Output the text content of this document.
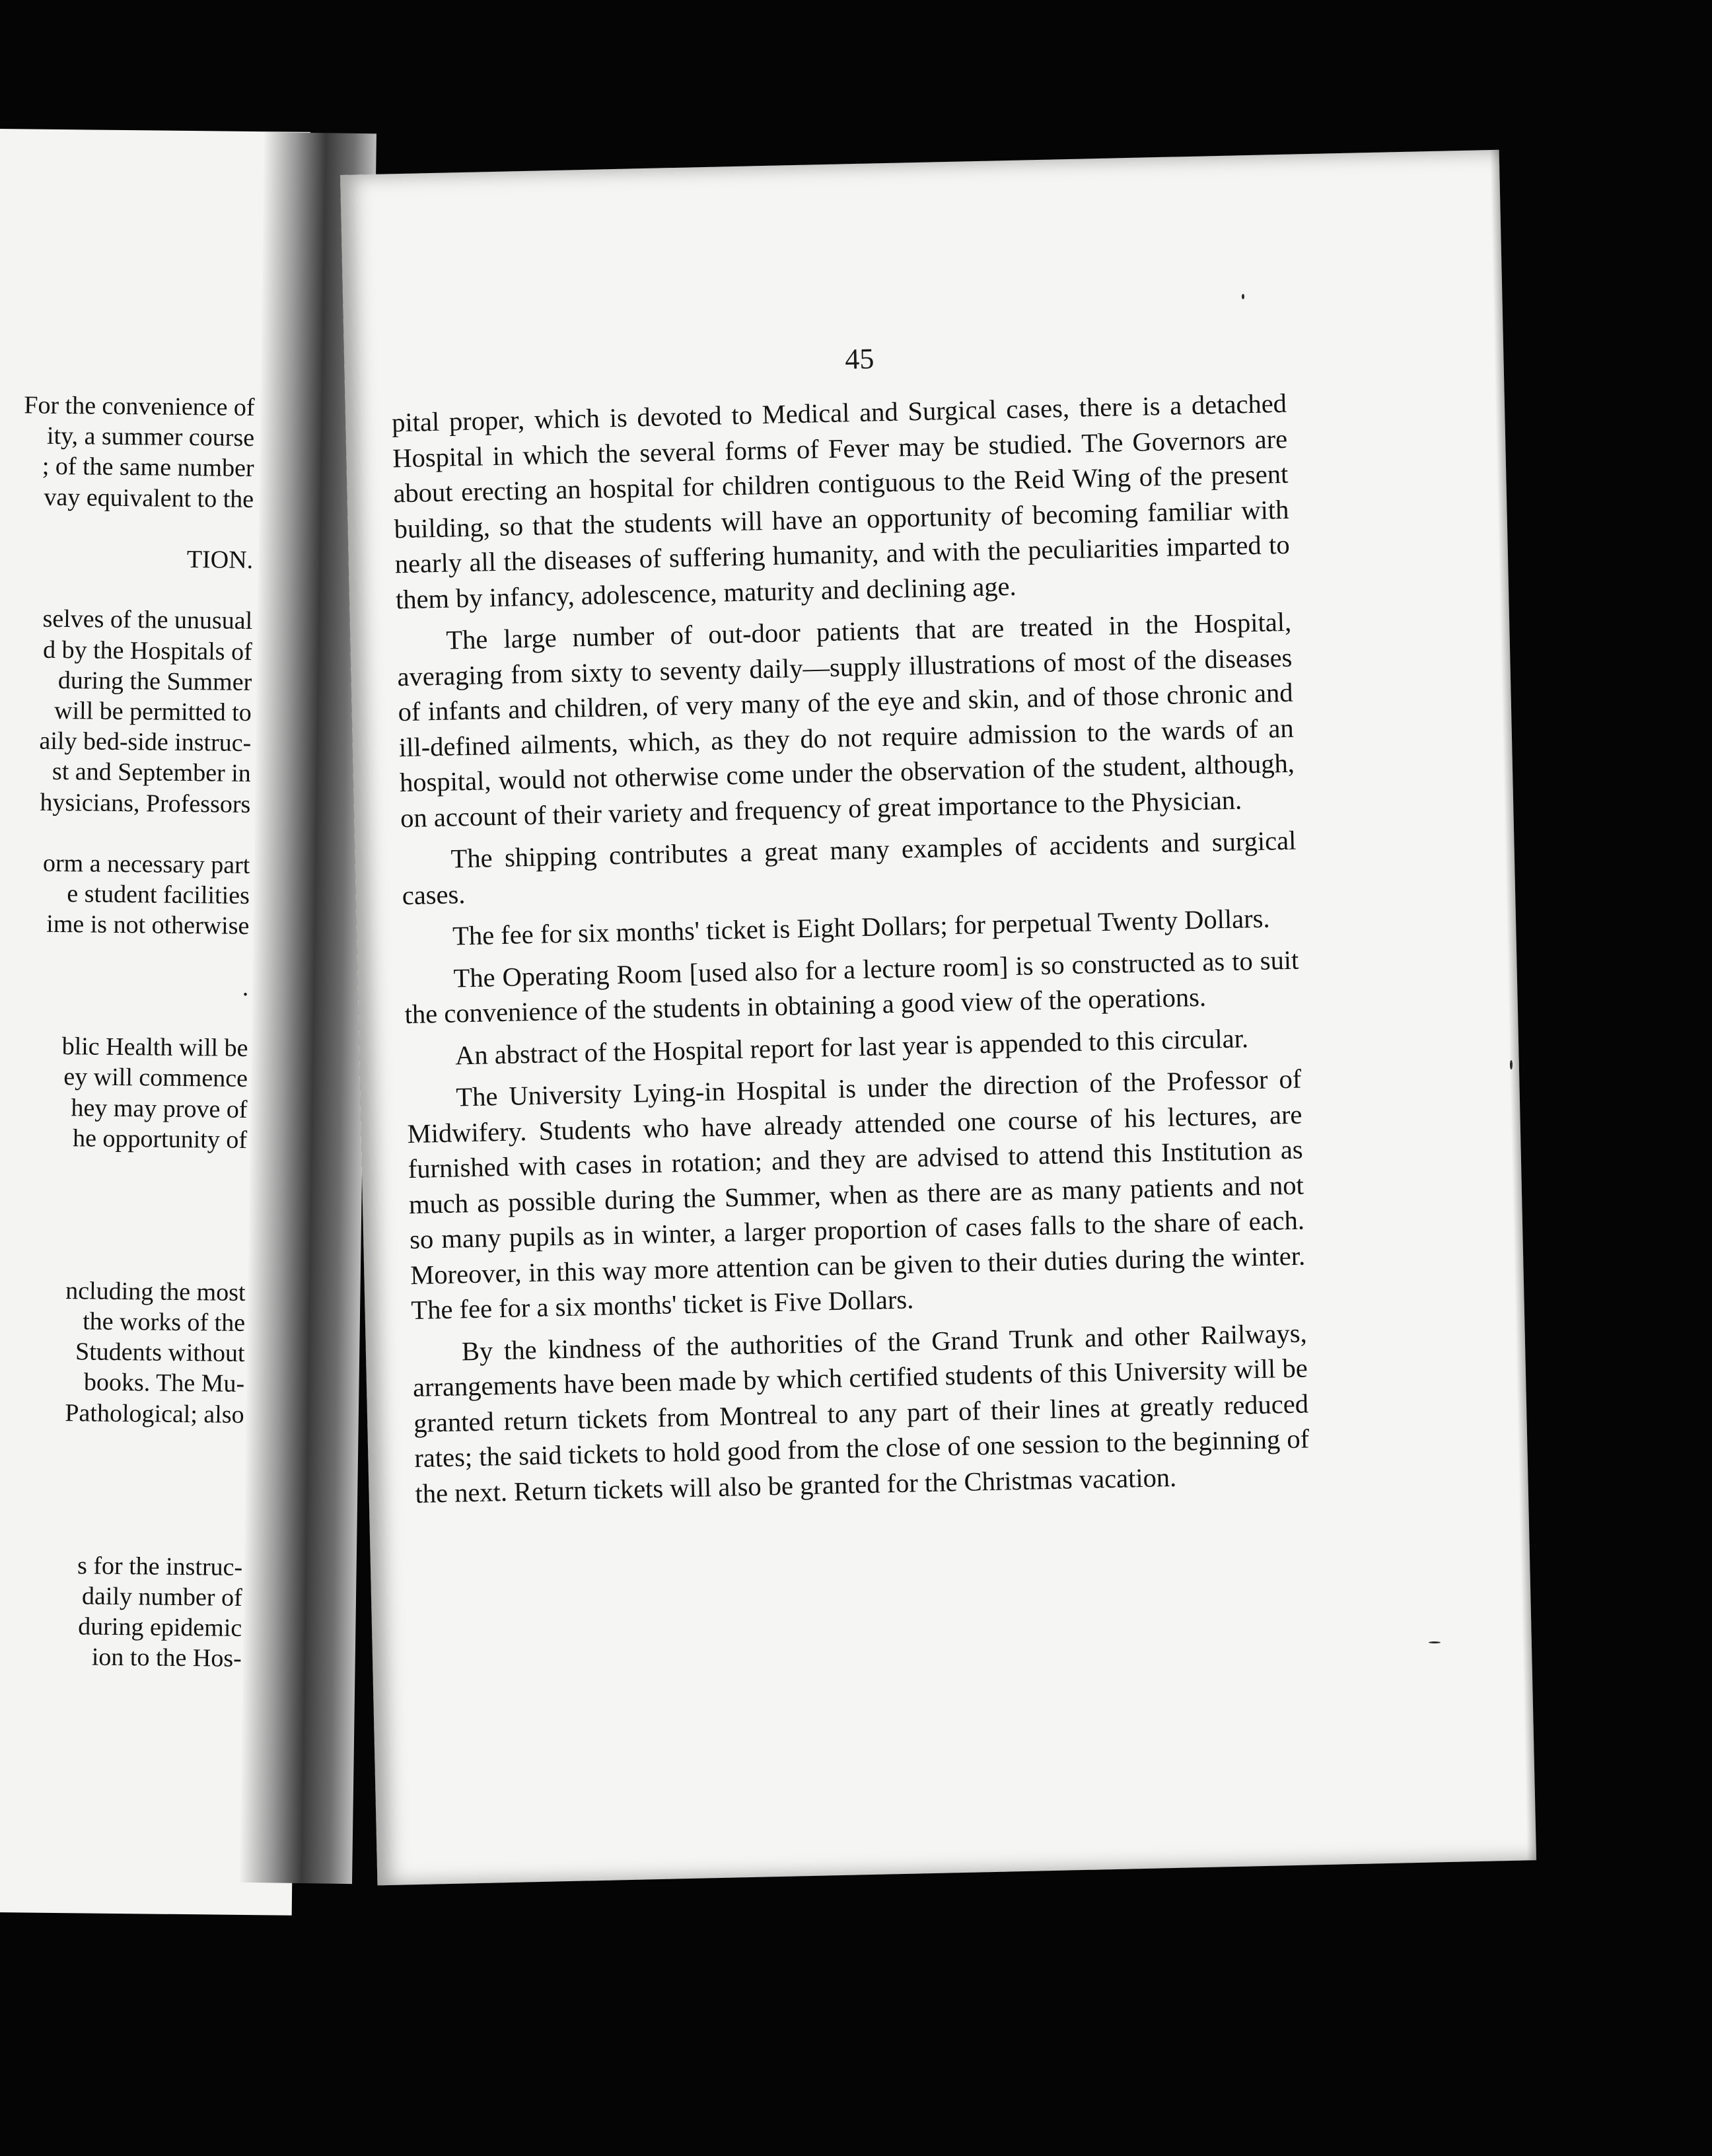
For the convenience of
ity, a summer course
; of the same number
vay equivalent to the
TION.
selves of the unusual
d by the Hospitals of
during the Summer
will be permitted to
aily bed-side instruc-
st and September in
hysicians, Professors
orm a necessary part
e student facilities
ime is not otherwise
.
blic Health will be
ey will commence
hey may prove of
he opportunity of
ncluding the most
the works of the
Students without
books. The Mu-
Pathological; also
s for the instruc-
daily number of
during epidemic
ion to the Hos-
45

pital proper, which is devoted to Medical and Surgical cases, there is a detached Hospital in which the several forms of Fever may be studied. The Governors are about erecting an hospital for children contiguous to the Reid Wing of the present building, so that the students will have an opportunity of becoming familiar with nearly all the diseases of suffering humanity, and with the peculiarities imparted to them by infancy, adolescence, maturity and declining age.

The large number of out-door patients that are treated in the Hospital, averaging from sixty to seventy daily—supply illustrations of most of the diseases of infants and children, of very many of the eye and skin, and of those chronic and ill-defined ailments, which, as they do not require admission to the wards of an hospital, would not otherwise come under the observation of the student, although, on account of their variety and frequency of great importance to the Physician.

The shipping contributes a great many examples of accidents and surgical cases.

The fee for six months' ticket is Eight Dollars; for perpetual Twenty Dollars.

The Operating Room [used also for a lecture room] is so constructed as to suit the convenience of the students in obtaining a good view of the operations.

An abstract of the Hospital report for last year is appended to this circular.

The University Lying-in Hospital is under the direction of the Professor of Midwifery. Students who have already attended one course of his lectures, are furnished with cases in rotation; and they are advised to attend this Institution as much as possible during the Summer, when as there are as many patients and not so many pupils as in winter, a larger proportion of cases falls to the share of each. Moreover, in this way more attention can be given to their duties during the winter. The fee for a six months' ticket is Five Dollars.

By the kindness of the authorities of the Grand Trunk and other Railways, arrangements have been made by which certified students of this University will be granted return tickets from Montreal to any part of their lines at greatly reduced rates; the said tickets to hold good from the close of one session to the beginning of the next. Return tickets will also be granted for the Christmas vacation.
